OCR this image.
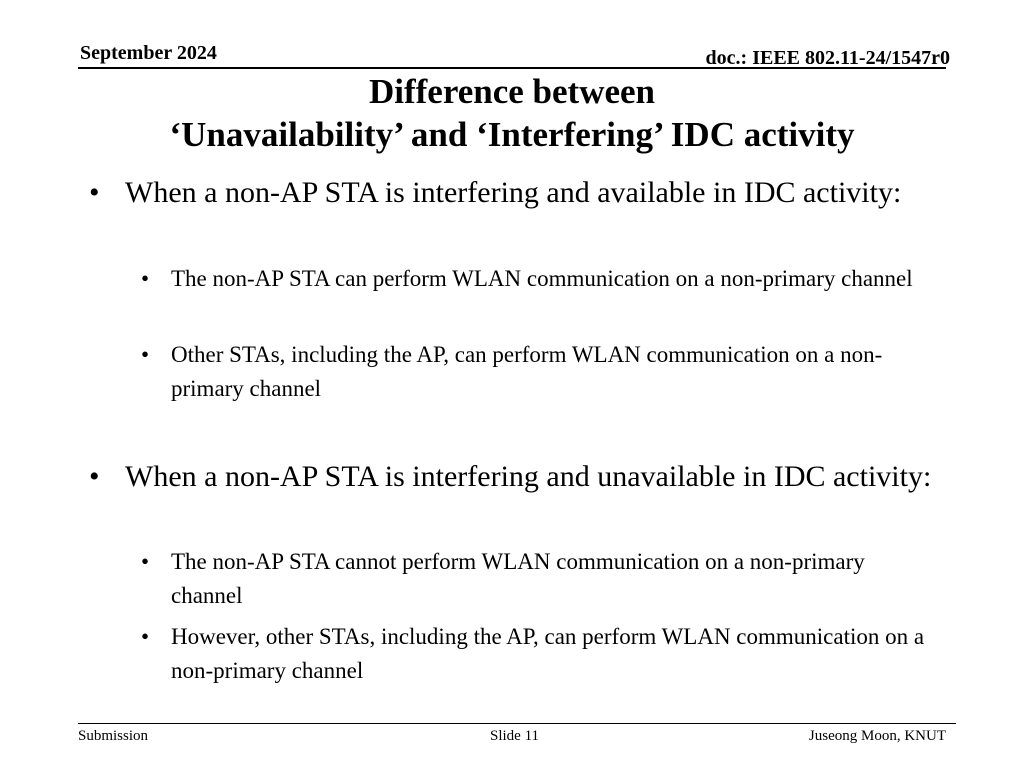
September 2024	doc.: IEEE 802.11-24/1547r0
Difference between
‘Unavailability’ and ‘Interfering’ IDC activity
• When a non-AP STA is interfering and available in IDC activity:
• The non-AP STA can perform WLAN communication on a non-primary channel
• Other STAs, including the AP, can perform WLAN communication on a non-primary channel
• When a non-AP STA is interfering and unavailable in IDC activity:
• The non-AP STA cannot perform WLAN communication on a non-primary channel
• However, other STAs, including the AP, can perform WLAN communication on a non-primary channel
Submission	Slide 11	Juseong Moon, KNUT
